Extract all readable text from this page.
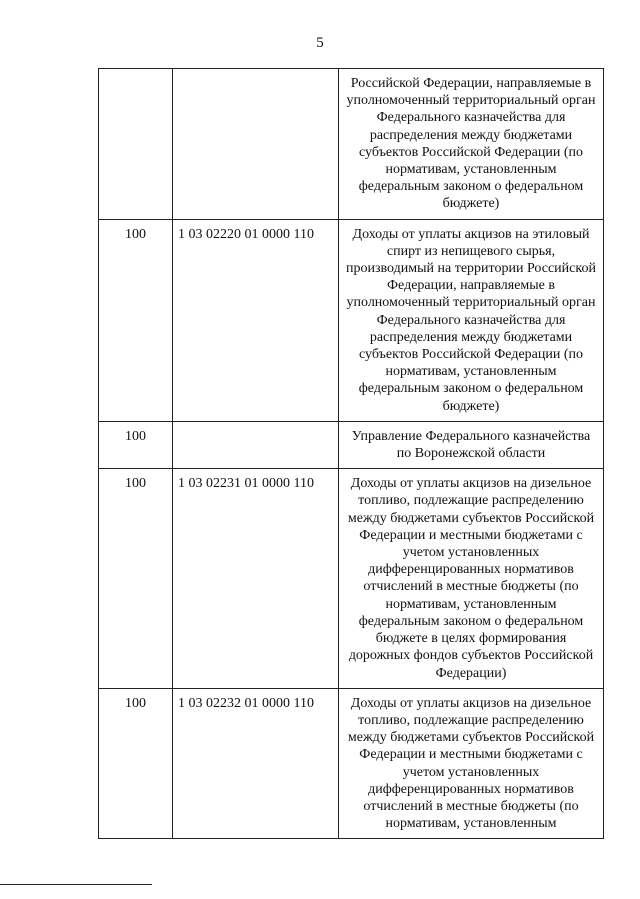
5
		Российской Федерации, направляемые в уполномоченный территориальный орган Федерального казначейства для распределения между бюджетами субъектов Российской Федерации (по нормативам, установленным федеральным законом о федеральном бюджете)
100	1 03 02220 01 0000 110	Доходы от уплаты акцизов на этиловый спирт из непищевого сырья, производимый на территории Российской Федерации, направляемые в уполномоченный территориальный орган Федерального казначейства для распределения между бюджетами субъектов Российской Федерации (по нормативам, установленным федеральным законом о федеральном бюджете)
100		Управление Федерального казначейства по Воронежской области
100	1 03 02231 01 0000 110	Доходы от уплаты акцизов на дизельное топливо, подлежащие распределению между бюджетами субъектов Российской Федерации и местными бюджетами с учетом установленных дифференцированных нормативов отчислений в местные бюджеты (по нормативам, установленным федеральным законом о федеральном бюджете в целях формирования дорожных фондов субъектов Российской Федерации)
100	1 03 02232 01 0000 110	Доходы от уплаты акцизов на дизельное топливо, подлежащие распределению между бюджетами субъектов Российской Федерации и местными бюджетами с учетом установленных дифференцированных нормативов отчислений в местные бюджеты (по нормативам, установленным
